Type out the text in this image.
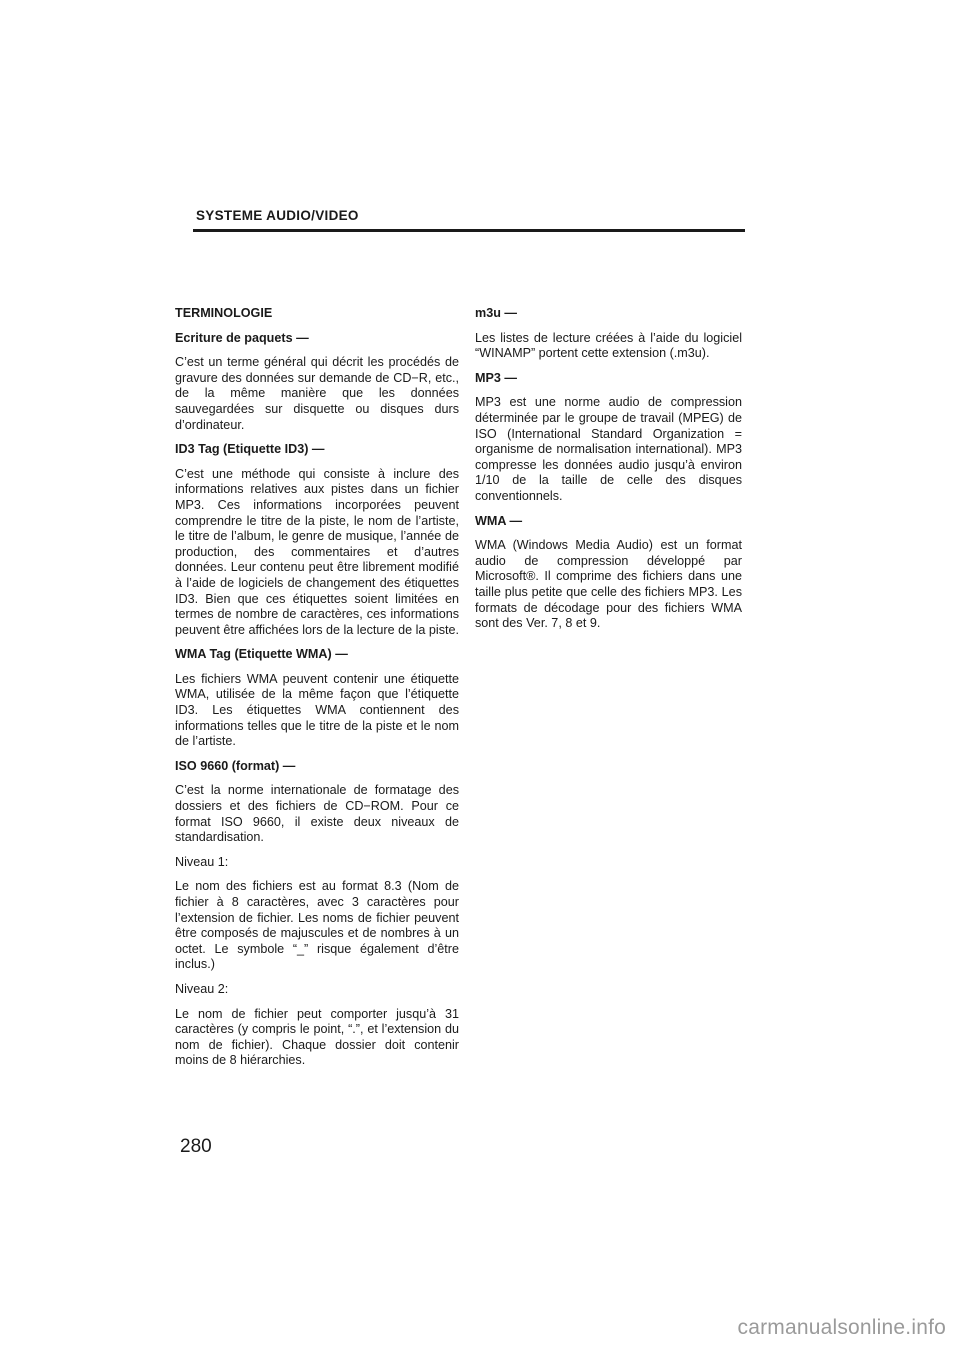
SYSTEME AUDIO/VIDEO

TERMINOLOGIE

Ecriture de paquets —

C’est un terme général qui décrit les procédés de gravure des données sur demande de CD−R, etc., de la même manière que les données sauvegardées sur disquette ou disques durs d’ordinateur.

ID3 Tag (Etiquette ID3) —

C’est une méthode qui consiste à inclure des informations relatives aux pistes dans un fichier MP3. Ces informations incorporées peuvent comprendre le titre de la piste, le nom de l’artiste, le titre de l’album, le genre de musique, l’année de production, des commentaires et d’autres données. Leur contenu peut être librement modifié à l’aide de logiciels de changement des étiquettes ID3. Bien que ces étiquettes soient limitées en termes de nombre de caractères, ces informations peuvent être affichées lors de la lecture de la piste.

WMA Tag (Etiquette WMA) —

Les fichiers WMA peuvent contenir une étiquette WMA, utilisée de la même façon que l’étiquette ID3. Les étiquettes WMA contiennent des informations telles que le titre de la piste et le nom de l’artiste.

ISO 9660 (format) —

C’est la norme internationale de formatage des dossiers et des fichiers de CD−ROM. Pour ce format ISO 9660, il existe deux niveaux de standardisation.

Niveau 1:

Le nom des fichiers est au format 8.3 (Nom de fichier à 8 caractères, avec 3 caractères pour l’extension de fichier. Les noms de fichier peuvent être composés de majuscules et de nombres à un octet. Le symbole “_” risque également d’être inclus.)

Niveau 2:

Le nom de fichier peut comporter jusqu’à 31 caractères (y compris le point, “.”, et l’extension du nom de fichier). Chaque dossier doit contenir moins de 8 hiérarchies.

m3u —

Les listes de lecture créées à l’aide du logiciel “WINAMP” portent cette extension (.m3u).

MP3 —

MP3 est une norme audio de compression déterminée par le groupe de travail (MPEG) de ISO (International Standard Organization = organisme de normalisation international). MP3 compresse les données audio jusqu’à environ 1/10 de la taille de celle des disques conventionnels.

WMA —

WMA (Windows Media Audio) est un format audio de compression développé par Microsoft®. Il comprime des fichiers dans une taille plus petite que celle des fichiers MP3. Les formats de décodage pour des fichiers WMA sont des Ver. 7, 8 et 9.

280
carmanualsonline.info
